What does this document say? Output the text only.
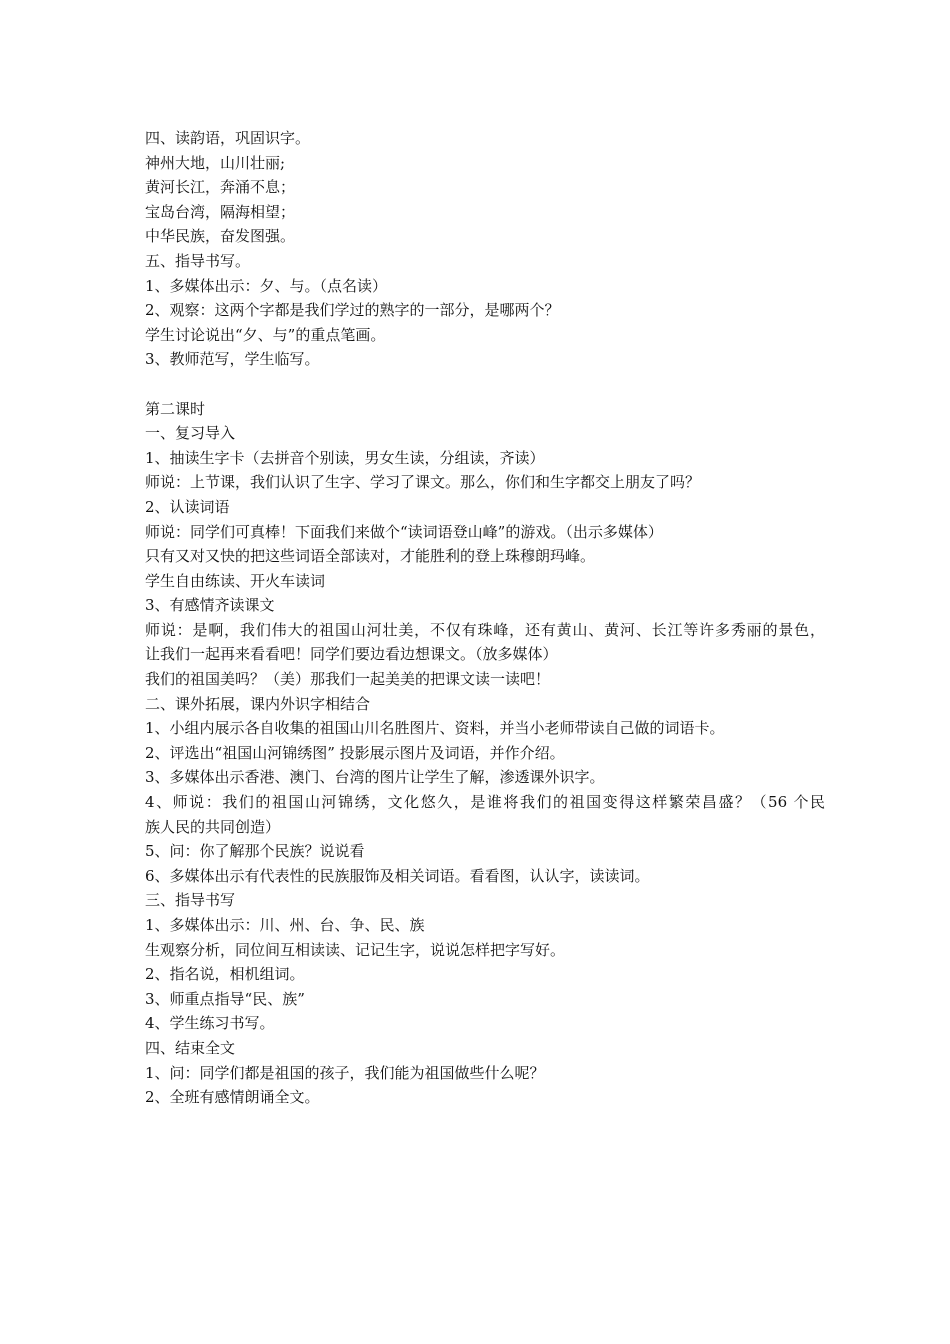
四、读韵语，巩固识字。
神州大地，山川壮丽;
黄河长江，奔涌不息；
宝岛台湾，隔海相望；
中华民族，奋发图强。
五、指导书写。
1、多媒体出示：夕、与。（点名读）
2、观察：这两个字都是我们学过的熟字的一部分，是哪两个？
学生讨论说出“夕、与”的重点笔画。
3、教师范写，学生临写。
第二课时
一、复习导入
1、抽读生字卡（去拼音个别读，男女生读，分组读，齐读）
师说：上节课，我们认识了生字、学习了课文。那么，你们和生字都交上朋友了吗？
2、认读词语
师说：同学们可真棒！下面我们来做个“读词语登山峰”的游戏。（出示多媒体）
只有又对又快的把这些词语全部读对，才能胜利的登上珠穆朗玛峰。
学生自由练读、开火车读词
3、有感情齐读课文
师说：是啊，我们伟大的祖国山河壮美，不仅有珠峰，还有黄山、黄河、长江等许多秀丽的景色，
让我们一起再来看看吧！同学们要边看边想课文。（放多媒体）
我们的祖国美吗？（美）那我们一起美美的把课文读一读吧！
二、课外拓展，课内外识字相结合
1、小组内展示各自收集的祖国山川名胜图片、资料，并当小老师带读自己做的词语卡。
2、评选出“祖国山河锦绣图” 投影展示图片及词语，并作介绍。
3、多媒体出示香港、澳门、台湾的图片让学生了解，渗透课外识字。
4、师说：我们的祖国山河锦绣，文化悠久，是谁将我们的祖国变得这样繁荣昌盛？（56 个民
族人民的共同创造）
5、问：你了解那个民族？说说看
6、多媒体出示有代表性的民族服饰及相关词语。看看图，认认字，读读词。
三、指导书写
1、多媒体出示：川、州、台、争、民、族
生观察分析，同位间互相读读、记记生字，说说怎样把字写好。
2、指名说，相机组词。
3、师重点指导“民、族”
4、学生练习书写。
四、结束全文
1、问：同学们都是祖国的孩子，我们能为祖国做些什么呢？
2、全班有感情朗诵全文。
